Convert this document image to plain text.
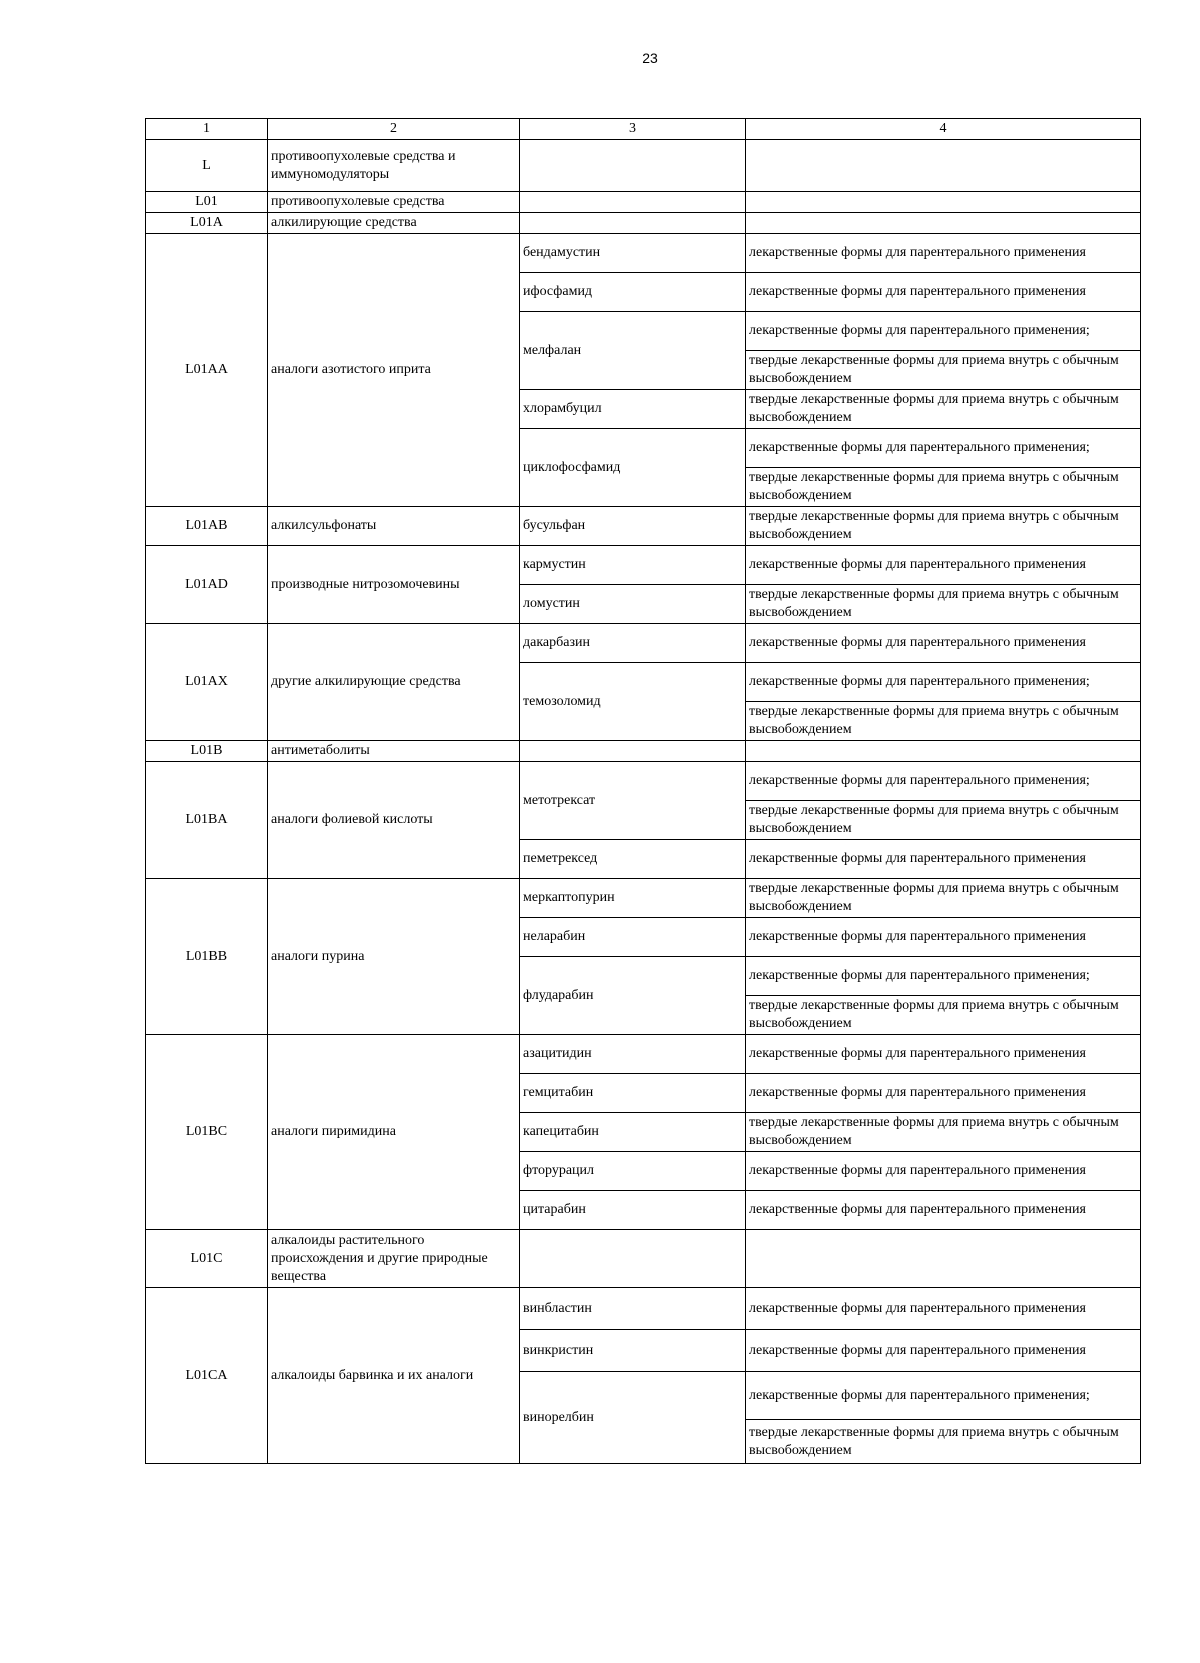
23
1	2	3	4
L	противоопухолевые средства и иммуномодуляторы		
L01	противоопухолевые средства		
L01A	алкилирующие средства		
L01AA	аналоги азотистого иприта	бендамустин	лекарственные формы для парентерального применения
		ифосфамид	лекарственные формы для парентерального применения
		мелфалан	лекарственные формы для парентерального применения;
			твердые лекарственные формы для приема внутрь с обычным высвобождением
		хлорамбуцил	твердые лекарственные формы для приема внутрь с обычным высвобождением
		циклофосфамид	лекарственные формы для парентерального применения;
			твердые лекарственные формы для приема внутрь с обычным высвобождением
L01AB	алкилсульфонаты	бусульфан	твердые лекарственные формы для приема внутрь с обычным высвобождением
L01AD	производные нитрозомочевины	кармустин	лекарственные формы для парентерального применения
		ломустин	твердые лекарственные формы для приема внутрь с обычным высвобождением
L01AX	другие алкилирующие средства	дакарбазин	лекарственные формы для парентерального применения
		темозоломид	лекарственные формы для парентерального применения;
			твердые лекарственные формы для приема внутрь с обычным высвобождением
L01B	антиметаболиты		
L01BA	аналоги фолиевой кислоты	метотрексат	лекарственные формы для парентерального применения;
			твердые лекарственные формы для приема внутрь с обычным высвобождением
		пеметрексед	лекарственные формы для парентерального применения
L01BB	аналоги пурина	меркаптопурин	твердые лекарственные формы для приема внутрь с обычным высвобождением
		неларабин	лекарственные формы для парентерального применения
		флударабин	лекарственные формы для парентерального применения;
			твердые лекарственные формы для приема внутрь с обычным высвобождением
L01BC	аналоги пиримидина	азацитидин	лекарственные формы для парентерального применения
		гемцитабин	лекарственные формы для парентерального применения
		капецитабин	твердые лекарственные формы для приема внутрь с обычным высвобождением
		фторурацил	лекарственные формы для парентерального применения
		цитарабин	лекарственные формы для парентерального применения
L01C	алкалоиды растительного происхождения и другие природные вещества		
L01CA	алкалоиды барвинка и их аналоги	винбластин	лекарственные формы для парентерального применения
		винкристин	лекарственные формы для парентерального применения
		винорелбин	лекарственные формы для парентерального применения;
			твердые лекарственные формы для приема внутрь с обычным высвобождением
